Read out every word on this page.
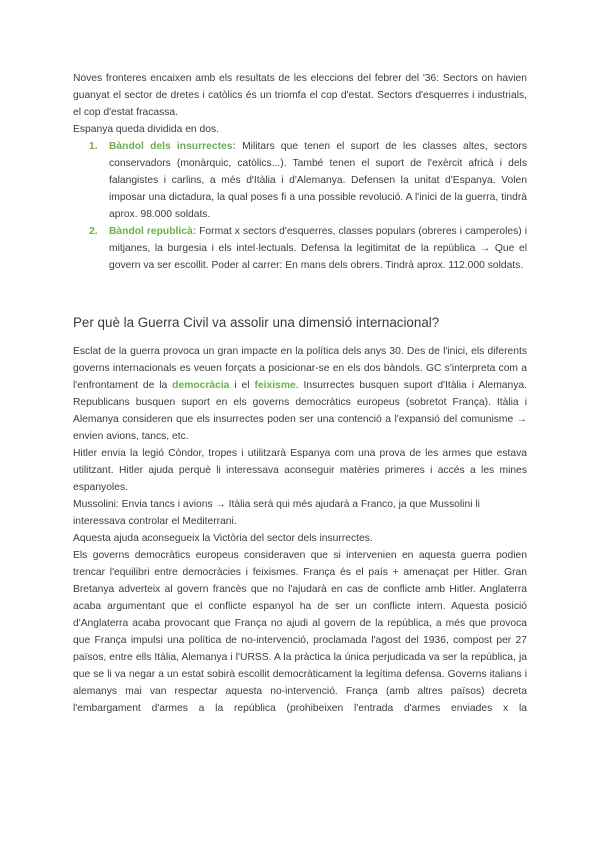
Noves fronteres encaixen amb els resultats de les eleccions del febrer del '36: Sectors on havien guanyat el sector de dretes i catòlics és un triomfa el cop d'estat. Sectors d'esquerres i industrials, el cop d'estat fracassa.

Espanya queda dividida en dos.

1. Bàndol dels insurrectes: Militars que tenen el suport de les classes altes, sectors conservadors (monàrquic, catòlics...). També tenen el suport de l'exèrcit africà i dels falangistes i carlins, a més d'Itàlia i d'Alemanya. Defensen la unitat d'Espanya. Volen imposar una dictadura, la qual poses fi a una possible revolució. A l'inici de la guerra, tindrà aprox. 98.000 soldats.
2. Bàndol republicà: Format x sectors d'esquerres, classes populars (obreres i camperoles) i mitjanes, la burgesia i els intel·lectuals. Defensa la legitimitat de la república → Que el govern va ser escollit. Poder al carrer: En mans dels obrers. Tindrà aprox. 112.000 soldats.
Per què la Guerra Civil va assolir una dimensió internacional?

Esclat de la guerra provoca un gran impacte en la política dels anys 30. Des de l'inici, els diferents governs internacionals es veuen forçats a posicionar-se en els dos bàndols. GC s'interpreta com a l'enfrontament de la democràcia i el feixisme. Insurrectes busquen suport d'Itàlia i Alemanya. Republicans busquen suport en els governs democràtics europeus (sobretot França). Itàlia i Alemanya consideren que els insurrectes poden ser una contenció a l'expansió del comunisme → envien avions, tancs, etc.

Hitler envia la legió Còndor, tropes i utilitzarà Espanya com una prova de les armes que estava utilitzant. Hitler ajuda perquè li interessava aconseguir matèries primeres i accés a les mines espanyoles.

Mussolini: Envia tancs i avions → Itàlia serà qui més ajudarà a Franco, ja que Mussolini li interessava controlar el Mediterrani.

Aquesta ajuda aconsegueix la Victòria del sector dels insurrectes.

Els governs democràtics europeus consideraven que si intervenien en aquesta guerra podien trencar l'equilibri entre democràcies i feixismes. França és el país + amenaçat per Hitler. Gran Bretanya adverteix al govern francès que no l'ajudarà en cas de conflicte amb Hitler. Anglaterra acaba argumentant que el conflicte espanyol ha de ser un conflicte intern. Aquesta posició d'Anglaterra acaba provocant que França no ajudi al govern de la república, a més que provoca que França impulsi una política de no-intervenció, proclamada l'agost del 1936, compost per 27 països, entre ells Itàlia, Alemanya i l'URSS. A la pràctica la única perjudicada va ser la república, ja que se li va negar a un estat sobirà escollit democràticament la legítima defensa. Governs italians i alemanys mai van respectar aquesta no-intervenció. França (amb altres països) decreta l'embargament d'armes a la república (prohibeixen l'entrada d'armes enviades x la
